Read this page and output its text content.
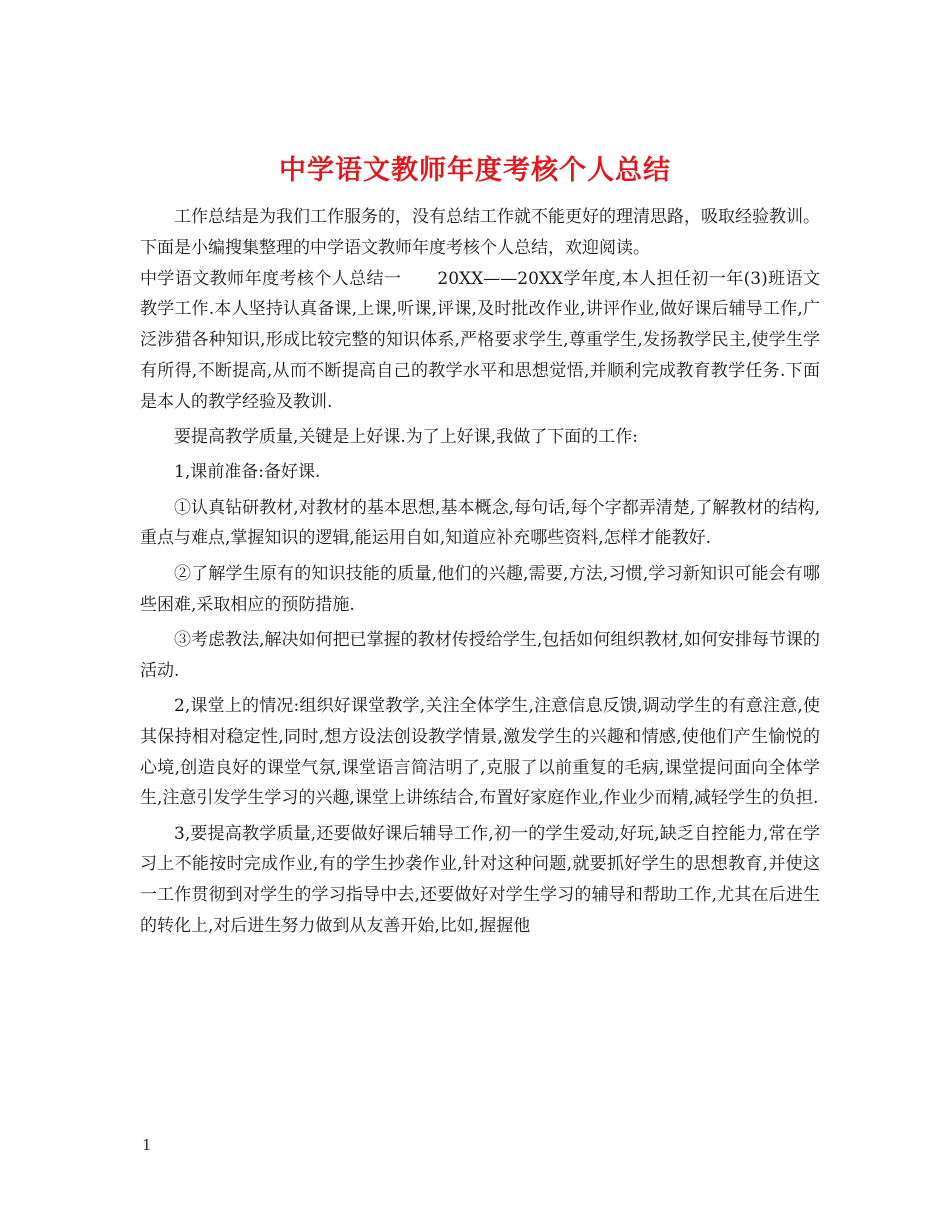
中学语文教师年度考核个人总结

工作总结是为我们工作服务的，没有总结工作就不能更好的理清思路，吸取经验教训。下面是小编搜集整理的中学语文教师年度考核个人总结，欢迎阅读。

中学语文教师年度考核个人总结一 20XX——20XX学年度,本人担任初一年(3)班语文教学工作.本人坚持认真备课,上课,听课,评课,及时批改作业,讲评作业,做好课后辅导工作,广泛涉猎各种知识,形成比较完整的知识体系,严格要求学生,尊重学生,发扬教学民主,使学生学有所得,不断提高,从而不断提高自己的教学水平和思想觉悟,并顺利完成教育教学任务.下面是本人的教学经验及教训.

要提高教学质量,关键是上好课.为了上好课,我做了下面的工作:

1,课前准备:备好课.

①认真钻研教材,对教材的基本思想,基本概念,每句话,每个字都弄清楚,了解教材的结构,重点与难点,掌握知识的逻辑,能运用自如,知道应补充哪些资料,怎样才能教好.

②了解学生原有的知识技能的质量,他们的兴趣,需要,方法,习惯,学习新知识可能会有哪些困难,采取相应的预防措施.

③考虑教法,解决如何把已掌握的教材传授给学生,包括如何组织教材,如何安排每节课的活动.

2,课堂上的情况:组织好课堂教学,关注全体学生,注意信息反馈,调动学生的有意注意,使其保持相对稳定性,同时,想方设法创设教学情景,激发学生的兴趣和情感,使他们产生愉悦的心境,创造良好的课堂气氛,课堂语言简洁明了,克服了以前重复的毛病,课堂提问面向全体学生,注意引发学生学习的兴趣,课堂上讲练结合,布置好家庭作业,作业少而精,减轻学生的负担.

3,要提高教学质量,还要做好课后辅导工作,初一的学生爱动,好玩,缺乏自控能力,常在学习上不能按时完成作业,有的学生抄袭作业,针对这种问题,就要抓好学生的思想教育,并使这一工作贯彻到对学生的学习指导中去,还要做好对学生学习的辅导和帮助工作,尤其在后进生的转化上,对后进生努力做到从友善开始,比如,握握他

1
